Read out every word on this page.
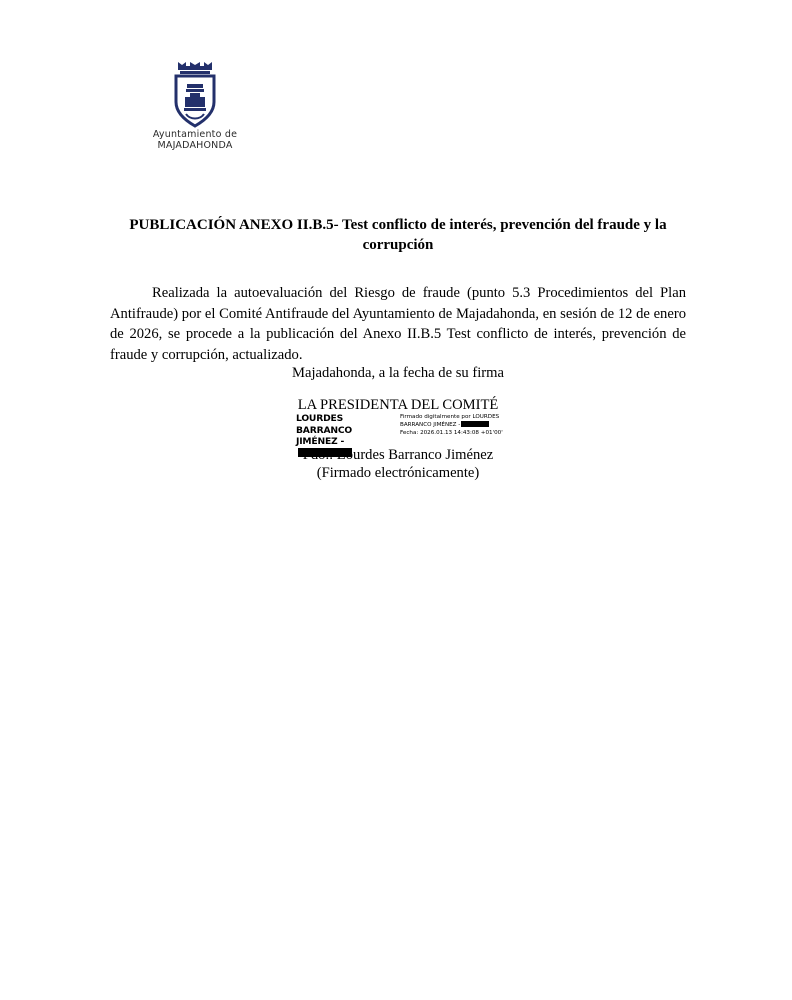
Ayuntamiento de
MAJADAHONDA
PUBLICACIÓN ANEXO II.B.5- Test conflicto de interés, prevención del fraude y la corrupción
Realizada la autoevaluación del Riesgo de fraude (punto 5.3 Procedimientos del Plan Antifraude) por el Comité Antifraude del Ayuntamiento de Majadahonda, en sesión de 12 de enero de 2026, se procede a la publicación del Anexo II.B.5 Test conflicto de interés, prevención de fraude y corrupción, actualizado.
Majadahonda, a la fecha de su firma
LA PRESIDENTA DEL COMITÉ
LOURDES BARRANCO
JIMÉNEZ -
Firmado digitalmente por LOURDES
BARRANCO JIMÉNEZ -
Fecha: 2026.01.13 14:43:08 +01'00'
Fdo.: Lourdes Barranco Jiménez
(Firmado electrónicamente)
